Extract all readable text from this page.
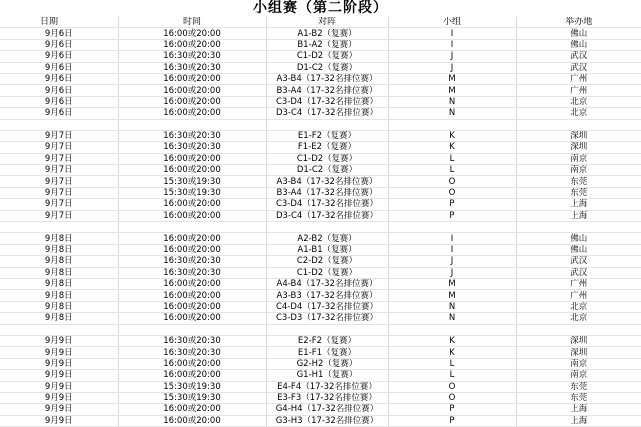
小组赛（第二阶段）
日期	时间	对阵	小组	举办地
9月6日	16:00或20:00	A1-B2（复赛）	I	佛山
9月6日	16:00或20:00	B1-A2（复赛）	I	佛山
9月6日	16:30或20:30	C1-D2（复赛）	J	武汉
9月6日	16:30或20:30	D1-C2（复赛）	J	武汉
9月6日	16:00或20:00	A3-B4（17-32名排位赛）	M	广州
9月6日	16:00或20:00	B3-A4（17-32名排位赛）	M	广州
9月6日	16:00或20:00	C3-D4（17-32名排位赛）	N	北京
9月6日	16:00或20:00	D3-C4（17-32名排位赛）	N	北京

9月7日	16:30或20:30	E1-F2（复赛）	K	深圳
9月7日	16:30或20:30	F1-E2（复赛）	K	深圳
9月7日	16:00或20:00	C1-D2（复赛）	L	南京
9月7日	16:00或20:00	D1-C2（复赛）	L	南京
9月7日	15:30或19:30	A3-B4（17-32名排位赛）	O	东莞
9月7日	15:30或19:30	B3-A4（17-32名排位赛）	O	东莞
9月7日	16:00或20:00	C3-D4（17-32名排位赛）	P	上海
9月7日	16:00或20:00	D3-C4（17-32名排位赛）	P	上海

9月8日	16:00或20:00	A2-B2（复赛）	I	佛山
9月8日	16:00或20:00	A1-B1（复赛）	I	佛山
9月8日	16:30或20:30	C2-D2（复赛）	J	武汉
9月8日	16:30或20:30	C1-D2（复赛）	J	武汉
9月8日	16:00或20:00	A4-B4（17-32名排位赛）	M	广州
9月8日	16:00或20:00	A3-B3（17-32名排位赛）	M	广州
9月8日	16:00或20:00	C4-D4（17-32名排位赛）	N	北京
9月8日	16:00或20:00	C3-D3（17-32名排位赛）	N	北京

9月9日	16:30或20:30	E2-F2（复赛）	K	深圳
9月9日	16:30或20:30	E1-F1（复赛）	K	深圳
9月9日	16:00或20:00	G2-H2（复赛）	L	南京
9月9日	16:00或20:00	G1-H1（复赛）	L	南京
9月9日	15:30或19:30	E4-F4（17-32名排位赛）	O	东莞
9月9日	15:30或19:30	E3-F3（17-32名排位赛）	O	东莞
9月9日	16:00或20:00	G4-H4（17-32名排位赛）	P	上海
9月9日	16:00或20:00	G3-H3（17-32名排位赛）	P	上海
